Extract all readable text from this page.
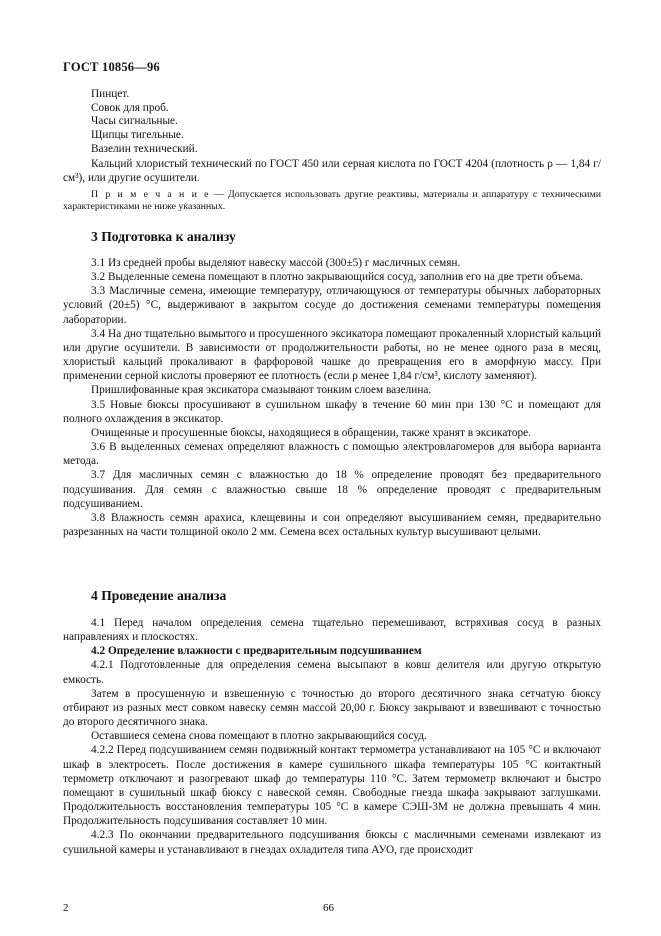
ГОСТ 10856—96

Пинцет.

Совок для проб.

Часы сигнальные.

Щипцы тигельные.

Вазелин технический.

Кальций хлористый технический по ГОСТ 450 или серная кислота по ГОСТ 4204 (плотность ρ — 1,84 г/см³), или другие осушители.

П р и м е ч а н и е — Допускается использовать другие реактивы, материалы и аппаратуру с техническими характеристиками не ниже указанных.

3 Подготовка к анализу

3.1 Из средней пробы выделяют навеску массой (300±5) г масличных семян.

3.2 Выделенные семена помещают в плотно закрывающийся сосуд, заполнив его на две трети объема.

3.3 Масличные семена, имеющие температуру, отличающуюся от температуры обычных лабораторных условий (20±5) °С, выдерживают в закрытом сосуде до достижения семенами температуры помещения лаборатории.

3.4 На дно тщательно вымытого и просушенного эксикатора помещают прокаленный хлористый кальций или другие осушители. В зависимости от продолжительности работы, но не менее одного раза в месяц, хлористый кальций прокаливают в фарфоровой чашке до превращения его в аморфную массу. При применении серной кислоты проверяют ее плотность (если ρ менее 1,84 г/см³, кислоту заменяют).

Пришлифованные края эксикатора смазывают тонким слоем вазелина.

3.5 Новые бюксы просушивают в сушильном шкафу в течение 60 мин при 130 °С и помещают для полного охлаждения в эксикатор.

Очищенные и просушенные бюксы, находящиеся в обращении, также хранят в эксикаторе.

3.6 В выделенных семенах определяют влажность с помощью электровлагомеров для выбора варианта метода.

3.7 Для масличных семян с влажностью до 18 % определение проводят без предварительного подсушивания. Для семян с влажностью свыше 18 % определение проводят с предварительным подсушиванием.

3.8 Влажность семян арахиса, клещевины и сои определяют высушиванием семян, предварительно разрезанных на части толщиной около 2 мм. Семена всех остальных культур высушивают целыми.

4 Проведение анализа

4.1 Перед началом определения семена тщательно перемешивают, встряхивая сосуд в разных направлениях и плоскостях.

4.2 Определение влажности с предварительным подсушиванием

4.2.1 Подготовленные для определения семена высыпают в ковш делителя или другую открытую емкость.

Затем в просушенную и взвешенную с точностью до второго десятичного знака сетчатую бюксу отбирают из разных мест совком навеску семян массой 20,00 г. Бюксу закрывают и взвешивают с точностью до второго десятичного знака.

Оставшиеся семена снова помещают в плотно закрывающийся сосуд.

4.2.2 Перед подсушиванием семян подвижный контакт термометра устанавливают на 105 °С и включают шкаф в электросеть. После достижения в камере сушильного шкафа температуры 105 °С контактный термометр отключают и разогревают шкаф до температуры 110 °С. Затем термометр включают и быстро помещают в сушильный шкаф бюксу с навеской семян. Свободные гнезда шкафа закрывают заглушками. Продолжительность восстановления температуры 105 °С в камере СЭШ-3М не должна превышать 4 мин. Продолжительность подсушивания составляет 10 мин.

4.2.3 По окончании предварительного подсушивания бюксы с масличными семенами извлекают из сушильной камеры и устанавливают в гнездах охладителя типа АУО, где происходит

2	66
